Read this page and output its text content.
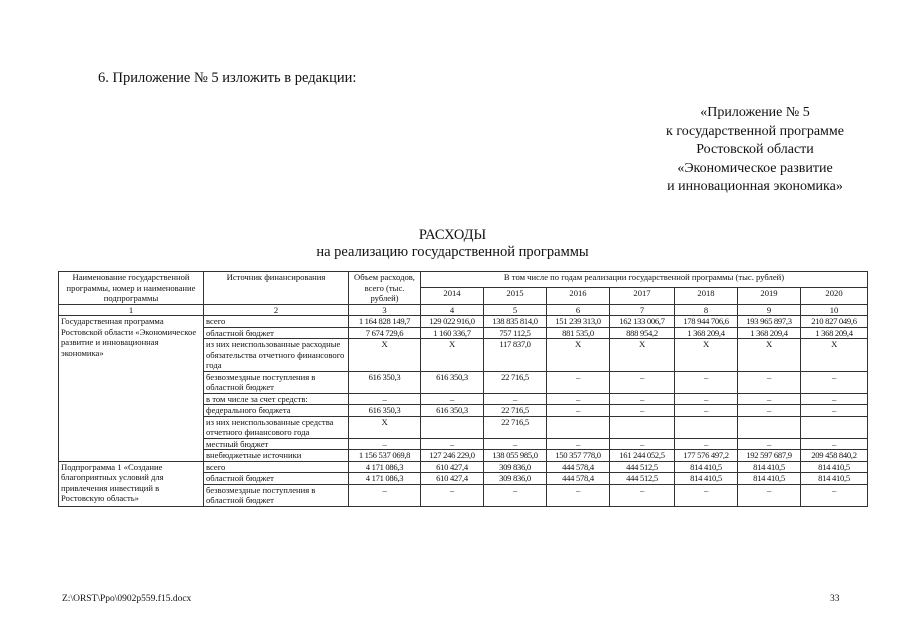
6. Приложение № 5 изложить в редакции:
«Приложение № 5
к государственной программе
Ростовской области
«Экономическое развитие
и инновационная экономика»
РАСХОДЫ
на реализацию государственной программы
Наименование государственной программы, номер и наименование подпрограммы	Источник финансирования	Объем расходов, всего (тыс. рублей)	В том числе по годам реализации государственной программы (тыс. рублей)						
			2014	2015	2016	2017	2018	2019	2020
1	2	3	4	5	6	7	8	9	10
Государственная программа Ростовской области «Экономическое развитие и инновационная экономика»	всего	1 164 828 149,7	129 022 916,0	138 835 814,0	151 239 313,0	162 133 006,7	178 944 706,6	193 965 897,3	210 827 049,6
	областной бюджет	7 674 729,6	1 160 336,7	757 112,5	881 535,0	888 954,2	1 368 209,4	1 368 209,4	1 368 209,4
	из них неиспользованные расходные обязательства отчетного финансового года	X	X	117 837,0	X	X	X	X	X
	безвозмездные поступления в областной бюджет	616 350,3	616 350,3	22 716,5	–	–	–	–	–
	в том числе за счет средств:	–	–	–	–	–	–	–	–
	федерального бюджета	616 350,3	616 350,3	22 716,5	–	–	–	–	–
	из них неиспользованные средства отчетного финансового года	X		22 716,5					
	местный бюджет	–	–	–	–	–	–	–	–
	внебюджетные источники	1 156 537 069,8	127 246 229,0	138 055 985,0	150 357 778,0	161 244 052,5	177 576 497,2	192 597 687,9	209 458 840,2
Подпрограмма 1 «Создание благоприятных условий для привлечения инвестиций в Ростовскую область»	всего	4 171 086,3	610 427,4	309 836,0	444 578,4	444 512,5	814 410,5	814 410,5	814 410,5
	областной бюджет	4 171 086,3	610 427,4	309 836,0	444 578,4	444 512,5	814 410,5	814 410,5	814 410,5
	безвозмездные поступления в областной бюджет	–	–	–	–	–	–	–	–
Z:\ORST\Ppo\0902p559.f15.docx	33
